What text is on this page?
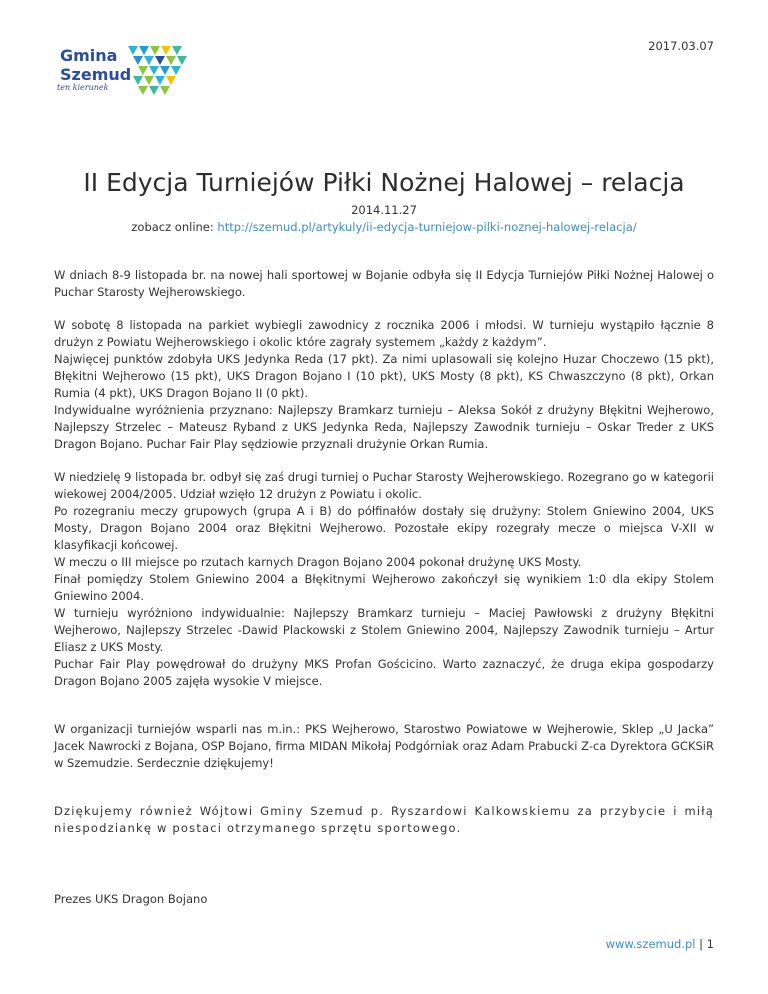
Gmina
Szemud
ten kierunek
2017.03.07
II Edycja Turniejów Piłki Nożnej Halowej – relacja
2014.11.27
zobacz online: http://szemud.pl/artykuly/ii-edycja-turniejow-pilki-noznej-halowej-relacja/

W dniach 8-9 listopada br. na nowej hali sportowej w Bojanie odbyła się II Edycja Turniejów Piłki Nożnej Halowej o Puchar Starosty Wejherowskiego.

W sobotę 8 listopada na parkiet wybiegli zawodnicy z rocznika 2006 i młodsi. W turnieju wystąpiło łącznie 8 drużyn z Powiatu Wejherowskiego i okolic które zagrały systemem „każdy z każdym”.
Najwięcej punktów zdobyła UKS Jedynka Reda (17 pkt). Za nimi uplasowali się kolejno Huzar Choczewo (15 pkt), Błękitni Wejherowo (15 pkt), UKS Dragon Bojano I (10 pkt), UKS Mosty (8 pkt), KS Chwaszczyno (8 pkt), Orkan Rumia (4 pkt), UKS Dragon Bojano II (0 pkt).
Indywidualne wyróżnienia przyznano: Najlepszy Bramkarz turnieju – Aleksa Sokół z drużyny Błękitni Wejherowo, Najlepszy Strzelec – Mateusz Ryband z UKS Jedynka Reda, Najlepszy Zawodnik turnieju – Oskar Treder z UKS Dragon Bojano. Puchar Fair Play sędziowie przyznali drużynie Orkan Rumia.

W niedzielę 9 listopada br. odbył się zaś drugi turniej o Puchar Starosty Wejherowskiego. Rozegrano go w kategorii wiekowej 2004/2005. Udział wzięło 12 drużyn z Powiatu i okolic.
Po rozegraniu meczy grupowych (grupa A i B) do półfinałów dostały się drużyny: Stolem Gniewino 2004, UKS Mosty, Dragon Bojano 2004 oraz Błękitni Wejherowo. Pozostałe ekipy rozegrały mecze o miejsca V-XII w klasyfikacji końcowej.
W meczu o III miejsce po rzutach karnych Dragon Bojano 2004 pokonał drużynę UKS Mosty.
Finał pomiędzy Stolem Gniewino 2004 a Błękitnymi Wejherowo zakończył się wynikiem 1:0 dla ekipy Stolem Gniewino 2004.
W turnieju wyróżniono indywidualnie: Najlepszy Bramkarz turnieju – Maciej Pawłowski z drużyny Błękitni Wejherowo, Najlepszy Strzelec -Dawid Plackowski z Stolem Gniewino 2004, Najlepszy Zawodnik turnieju – Artur Eliasz z UKS Mosty.
Puchar Fair Play powędrował do drużyny MKS Profan Gościcino. Warto zaznaczyć, że druga ekipa gospodarzy Dragon Bojano 2005 zajęła wysokie V miejsce.

W organizacji turniejów wsparli nas m.in.: PKS Wejherowo, Starostwo Powiatowe w Wejherowie, Sklep „U Jacka” Jacek Nawrocki z Bojana, OSP Bojano, firma MIDAN Mikołaj Podgórniak oraz Adam Prabucki Z-ca Dyrektora GCKSiR w Szemudzie. Serdecznie dziękujemy!

Dziękujemy również Wójtowi Gminy Szemud p. Ryszardowi Kalkowskiemu za przybycie i miłą niespodziankę w postaci otrzymanego sprzętu sportowego.

Prezes UKS Dragon Bojano

www.szemud.pl | 1
